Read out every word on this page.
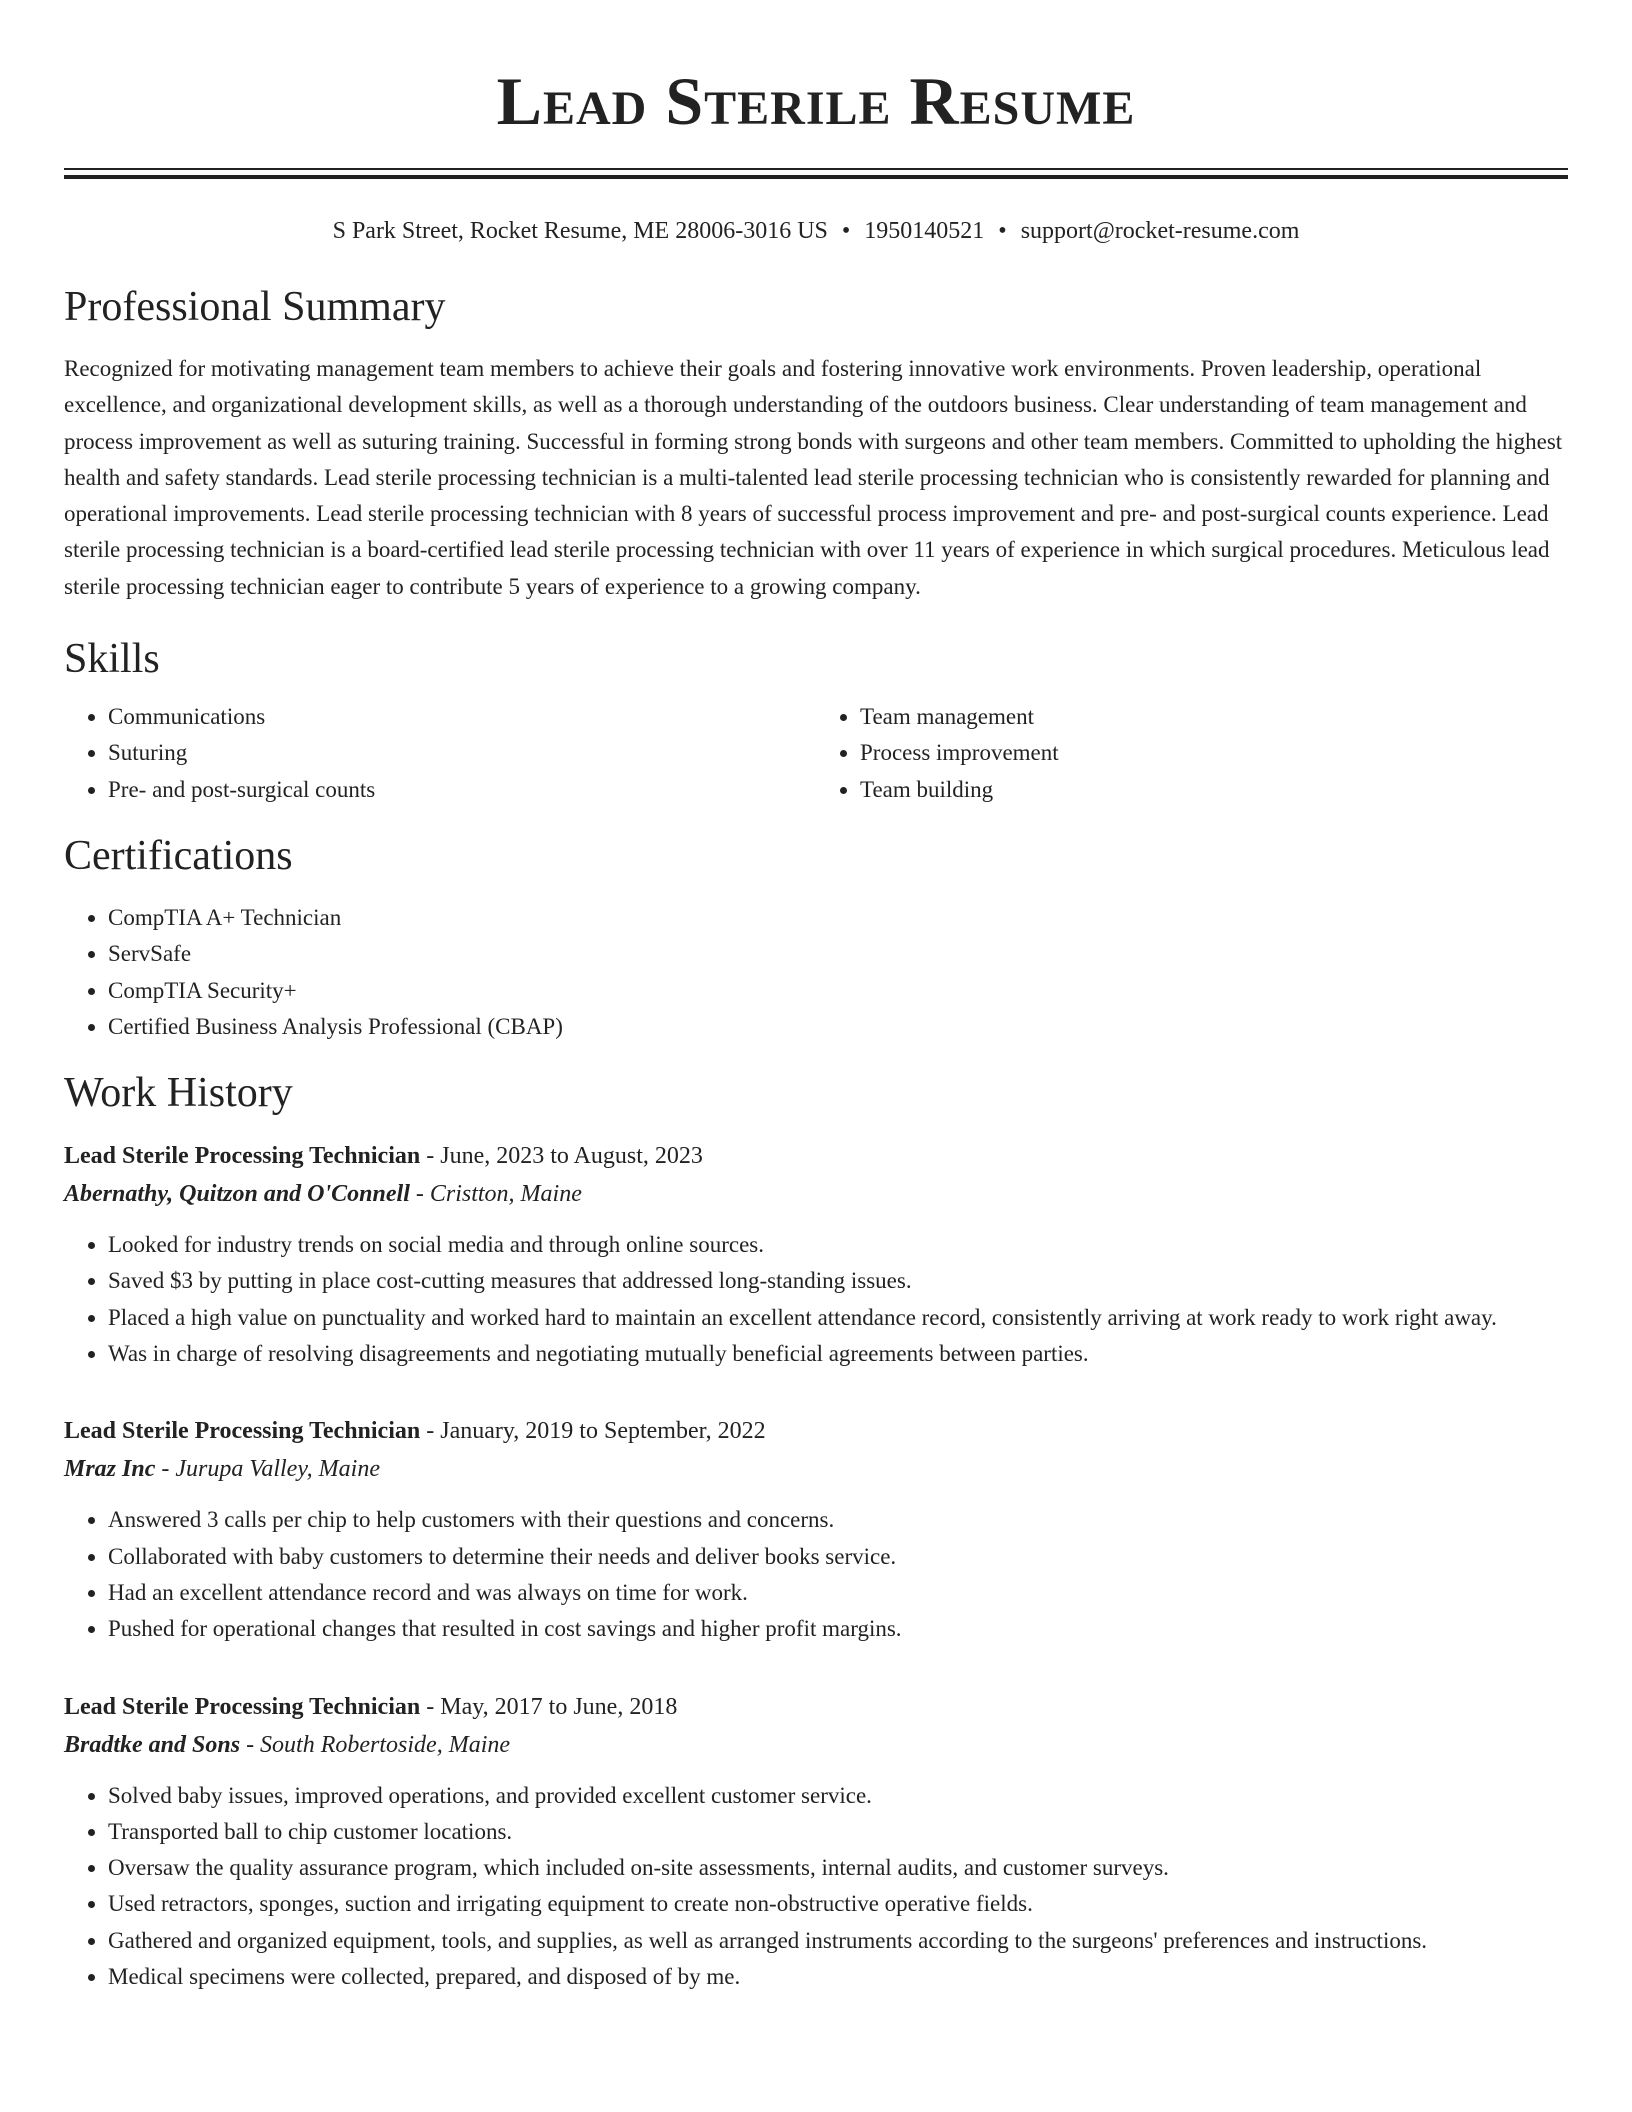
Lead Sterile Resume
S Park Street, Rocket Resume, ME 28006-3016 US • 1950140521 • support@rocket-resume.com
Professional Summary

Recognized for motivating management team members to achieve their goals and fostering innovative work environments. Proven leadership, operational excellence, and organizational development skills, as well as a thorough understanding of the outdoors business. Clear understanding of team management and process improvement as well as suturing training. Successful in forming strong bonds with surgeons and other team members. Committed to upholding the highest health and safety standards. Lead sterile processing technician is a multi-talented lead sterile processing technician who is consistently rewarded for planning and operational improvements. Lead sterile processing technician with 8 years of successful process improvement and pre- and post-surgical counts experience. Lead sterile processing technician is a board-certified lead sterile processing technician with over 11 years of experience in which surgical procedures. Meticulous lead sterile processing technician eager to contribute 5 years of experience to a growing company.

Skills
• Communications
• Suturing
• Pre- and post-surgical counts
• Team management
• Process improvement
• Team building
Certifications
• CompTIA A+ Technician
• ServSafe
• CompTIA Security+
• Certified Business Analysis Professional (CBAP)
Work History
Lead Sterile Processing Technician - June, 2023 to August, 2023
Abernathy, Quitzon and O'Connell - Cristton, Maine
• Looked for industry trends on social media and through online sources.
• Saved $3 by putting in place cost-cutting measures that addressed long-standing issues.
• Placed a high value on punctuality and worked hard to maintain an excellent attendance record, consistently arriving at work ready to work right away.
• Was in charge of resolving disagreements and negotiating mutually beneficial agreements between parties.
Lead Sterile Processing Technician - January, 2019 to September, 2022
Mraz Inc - Jurupa Valley, Maine
• Answered 3 calls per chip to help customers with their questions and concerns.
• Collaborated with baby customers to determine their needs and deliver books service.
• Had an excellent attendance record and was always on time for work.
• Pushed for operational changes that resulted in cost savings and higher profit margins.
Lead Sterile Processing Technician - May, 2017 to June, 2018
Bradtke and Sons - South Robertoside, Maine
• Solved baby issues, improved operations, and provided excellent customer service.
• Transported ball to chip customer locations.
• Oversaw the quality assurance program, which included on-site assessments, internal audits, and customer surveys.
• Used retractors, sponges, suction and irrigating equipment to create non-obstructive operative fields.
• Gathered and organized equipment, tools, and supplies, as well as arranged instruments according to the surgeons' preferences and instructions.
• Medical specimens were collected, prepared, and disposed of by me.
